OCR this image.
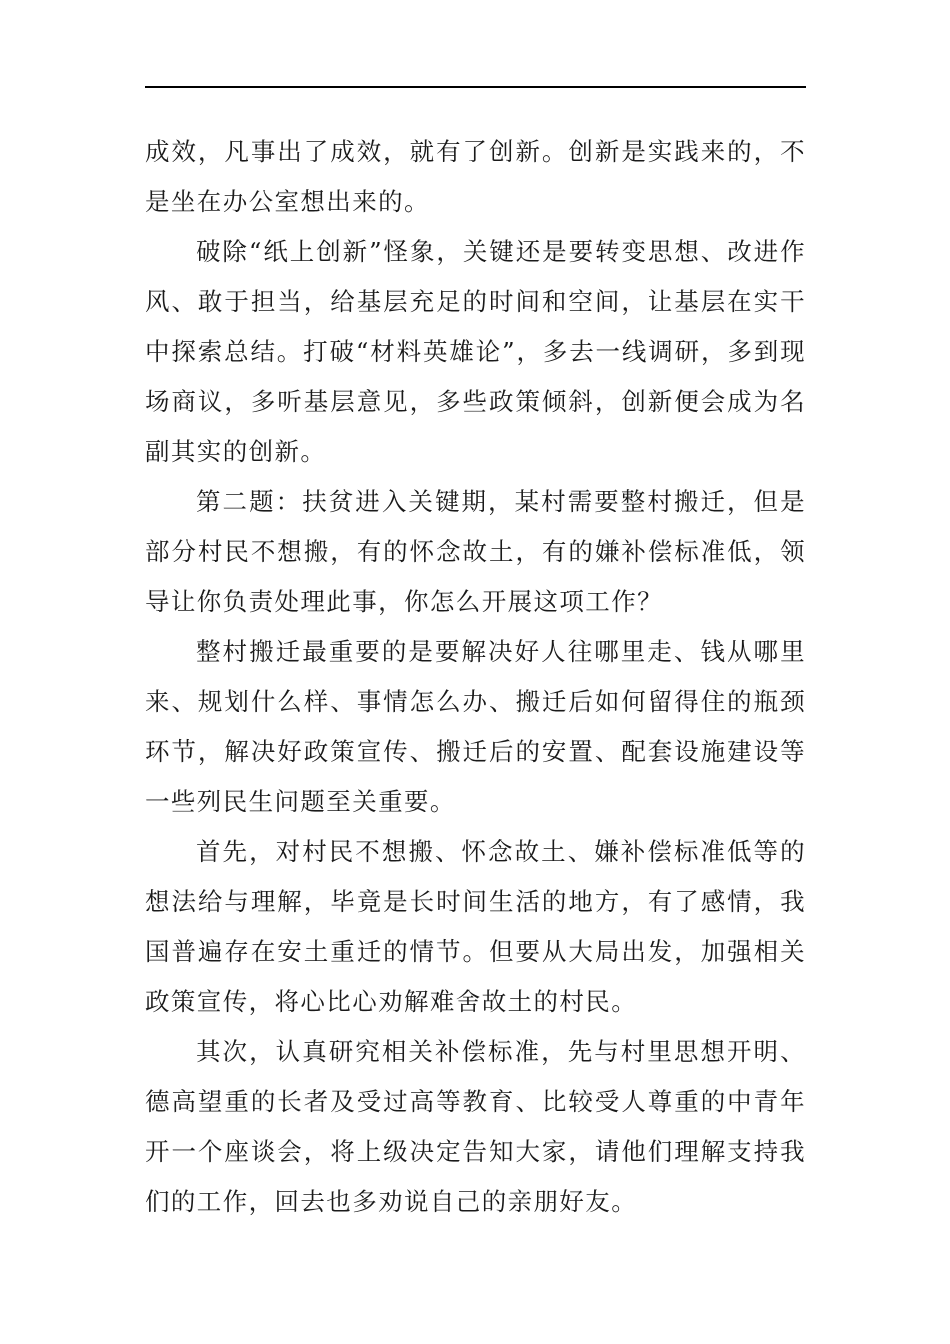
成效，凡事出了成效，就有了创新。创新是实践来的，不是坐在办公室想出来的。

破除“纸上创新”怪象，关键还是要转变思想、改进作风、敢于担当，给基层充足的时间和空间，让基层在实干中探索总结。打破“材料英雄论”，多去一线调研，多到现场商议，多听基层意见，多些政策倾斜，创新便会成为名副其实的创新。

第二题：扶贫进入关键期，某村需要整村搬迁，但是部分村民不想搬，有的怀念故土，有的嫌补偿标准低，领导让你负责处理此事，你怎么开展这项工作？

整村搬迁最重要的是要解决好人往哪里走、钱从哪里来、规划什么样、事情怎么办、搬迁后如何留得住的瓶颈环节，解决好政策宣传、搬迁后的安置、配套设施建设等一些列民生问题至关重要。

首先，对村民不想搬、怀念故土、嫌补偿标准低等的想法给与理解，毕竟是长时间生活的地方，有了感情，我国普遍存在安土重迁的情节。但要从大局出发，加强相关政策宣传，将心比心劝解难舍故土的村民。

其次，认真研究相关补偿标准，先与村里思想开明、德高望重的长者及受过高等教育、比较受人尊重的中青年开一个座谈会，将上级决定告知大家，请他们理解支持我们的工作，回去也多劝说自己的亲朋好友。
